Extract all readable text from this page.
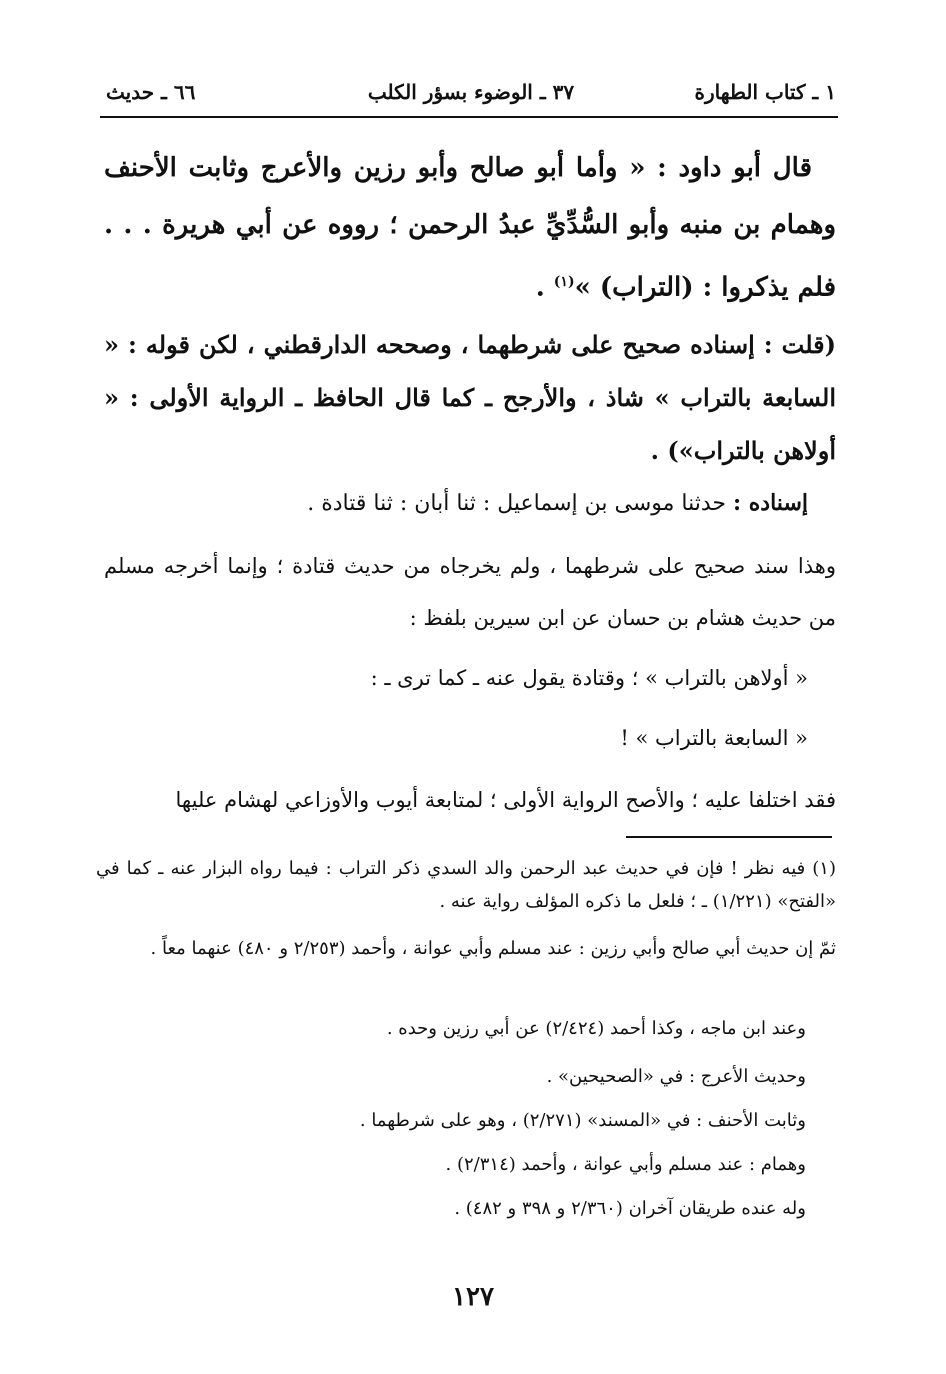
١ ـ كتاب الطهارة
٣٧ ـ الوضوء بسؤر الكلب
٦٦ ـ حديث
قال أبو داود : « وأما أبو صالح وأبو رزين والأعرج وثابت الأحنف وهمام بن منبه وأبو السُّدِّيِّ عبدُ الرحمن ؛ رووه عن أبي هريرة . . . فلم يذكروا : (التراب) »$^{(١)}$ .
(قلت : إسناده صحيح على شرطهما ، وصححه الدارقطني ، لكن قوله : « السابعة بالتراب » شاذ ، والأرجح ـ كما قال الحافظ ـ الرواية الأولى : « أولاهن بالتراب») .
إسناده : حدثنا موسى بن إسماعيل : ثنا أبان : ثنا قتادة .
وهذا سند صحيح على شرطهما ، ولم يخرجاه من حديث قتادة ؛ وإنما أخرجه مسلم من حديث هشام بن حسان عن ابن سيرين بلفظ :
« أولاهن بالتراب » ؛ وقتادة يقول عنه ـ كما ترى ـ :
« السابعة بالتراب » !
فقد اختلفا عليه ؛ والأصح الرواية الأولى ؛ لمتابعة أيوب والأوزاعي لهشام عليها
(١) فيه نظر ! فإن في حديث عبد الرحمن والد السدي ذكر التراب : فيما رواه البزار عنه ـ كما في «الفتح» (١/٢٢١) ـ ؛ فلعل ما ذكره المؤلف رواية عنه .
ثمّ إن حديث أبي صالح وأبي رزين : عند مسلم وأبي عوانة ، وأحمد (٢/٢٥٣ و ٤٨٠) عنهما معاً .
وعند ابن ماجه ، وكذا أحمد (٢/٤٢٤) عن أبي رزين وحده .
وحديث الأعرج : في «الصحيحين» .
وثابت الأحنف : في «المسند» (٢/٢٧١) ، وهو على شرطهما .
وهمام : عند مسلم وأبي عوانة ، وأحمد (٢/٣١٤) .
وله عنده طريقان آخران (٢/٣٦٠ و ٣٩٨ و ٤٨٢) .
١٢٧
